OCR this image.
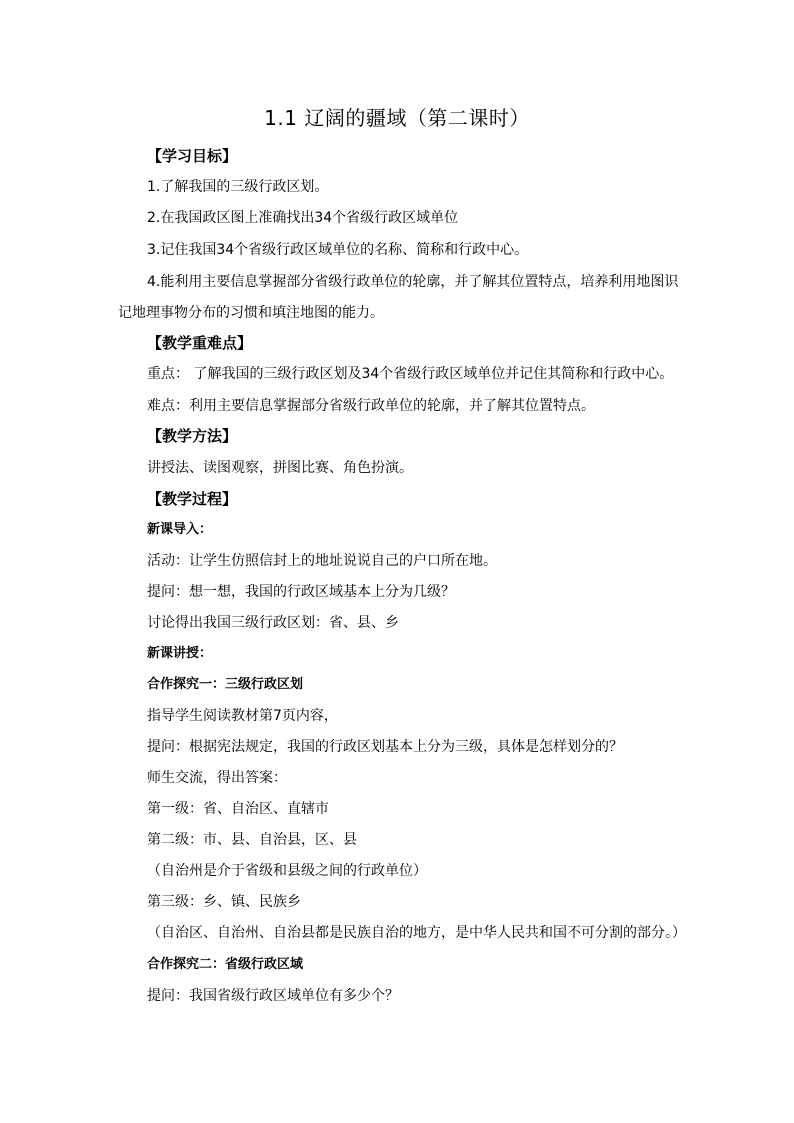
1.1 辽阔的疆域（第二课时）
【学习目标】
1.了解我国的三级行政区划。
2.在我国政区图上准确找出34个省级行政区域单位
3.记住我国34个省级行政区域单位的名称、简称和行政中心。
4.能利用主要信息掌握部分省级行政单位的轮廓，并了解其位置特点，培养利用地图识
记地理事物分布的习惯和填注地图的能力。
【教学重难点】
重点： 了解我国的三级行政区划及34个省级行政区域单位并记住其简称和行政中心。
难点：利用主要信息掌握部分省级行政单位的轮廓，并了解其位置特点。
【教学方法】
讲授法、读图观察，拼图比赛、角色扮演。
【教学过程】
新课导入：
活动：让学生仿照信封上的地址说说自己的户口所在地。
提问：想一想，我国的行政区域基本上分为几级？
讨论得出我国三级行政区划：省、县、乡
新课讲授：
合作探究一：三级行政区划
指导学生阅读教材第7页内容，
提问：根据宪法规定，我国的行政区划基本上分为三级，具体是怎样划分的？
师生交流，得出答案：
第一级：省、自治区、直辖市
第二级：市、县、自治县，区、县
（自治州是介于省级和县级之间的行政单位）
第三级：乡、镇、民族乡
（自治区、自治州、自治县都是民族自治的地方，是中华人民共和国不可分割的部分。）
合作探究二：省级行政区域
提问：我国省级行政区域单位有多少个？
